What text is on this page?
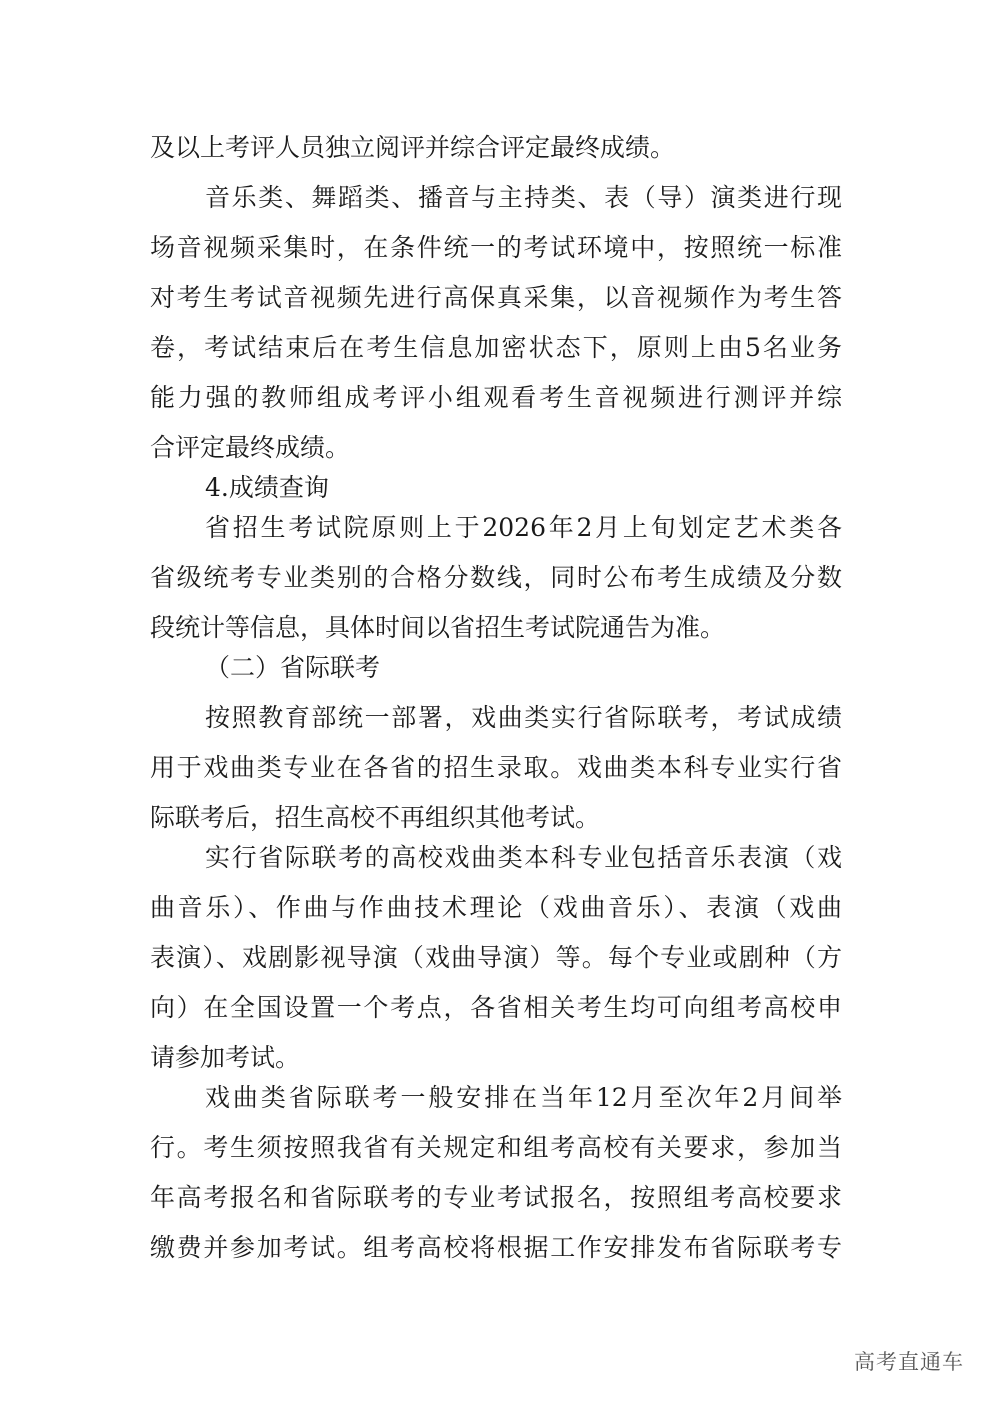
及以上考评人员独立阅评并综合评定最终成绩。
音乐类、舞蹈类、播音与主持类、表（导）演类进行现
场音视频采集时，在条件统一的考试环境中，按照统一标准
对考生考试音视频先进行高保真采集，以音视频作为考生答
卷，考试结束后在考生信息加密状态下，原则上由5名业务
能力强的教师组成考评小组观看考生音视频进行测评并综
合评定最终成绩。
4.成绩查询
省招生考试院原则上于2026年2月上旬划定艺术类各
省级统考专业类别的合格分数线，同时公布考生成绩及分数
段统计等信息，具体时间以省招生考试院通告为准。
（二）省际联考
按照教育部统一部署，戏曲类实行省际联考，考试成绩
用于戏曲类专业在各省的招生录取。戏曲类本科专业实行省
际联考后，招生高校不再组织其他考试。
实行省际联考的高校戏曲类本科专业包括音乐表演（戏
曲音乐）、作曲与作曲技术理论（戏曲音乐）、表演（戏曲
表演）、戏剧影视导演（戏曲导演）等。每个专业或剧种（方
向）在全国设置一个考点，各省相关考生均可向组考高校申
请参加考试。
戏曲类省际联考一般安排在当年12月至次年2月间举
行。考生须按照我省有关规定和组考高校有关要求，参加当
年高考报名和省际联考的专业考试报名，按照组考高校要求
缴费并参加考试。组考高校将根据工作安排发布省际联考专
高考直通车
